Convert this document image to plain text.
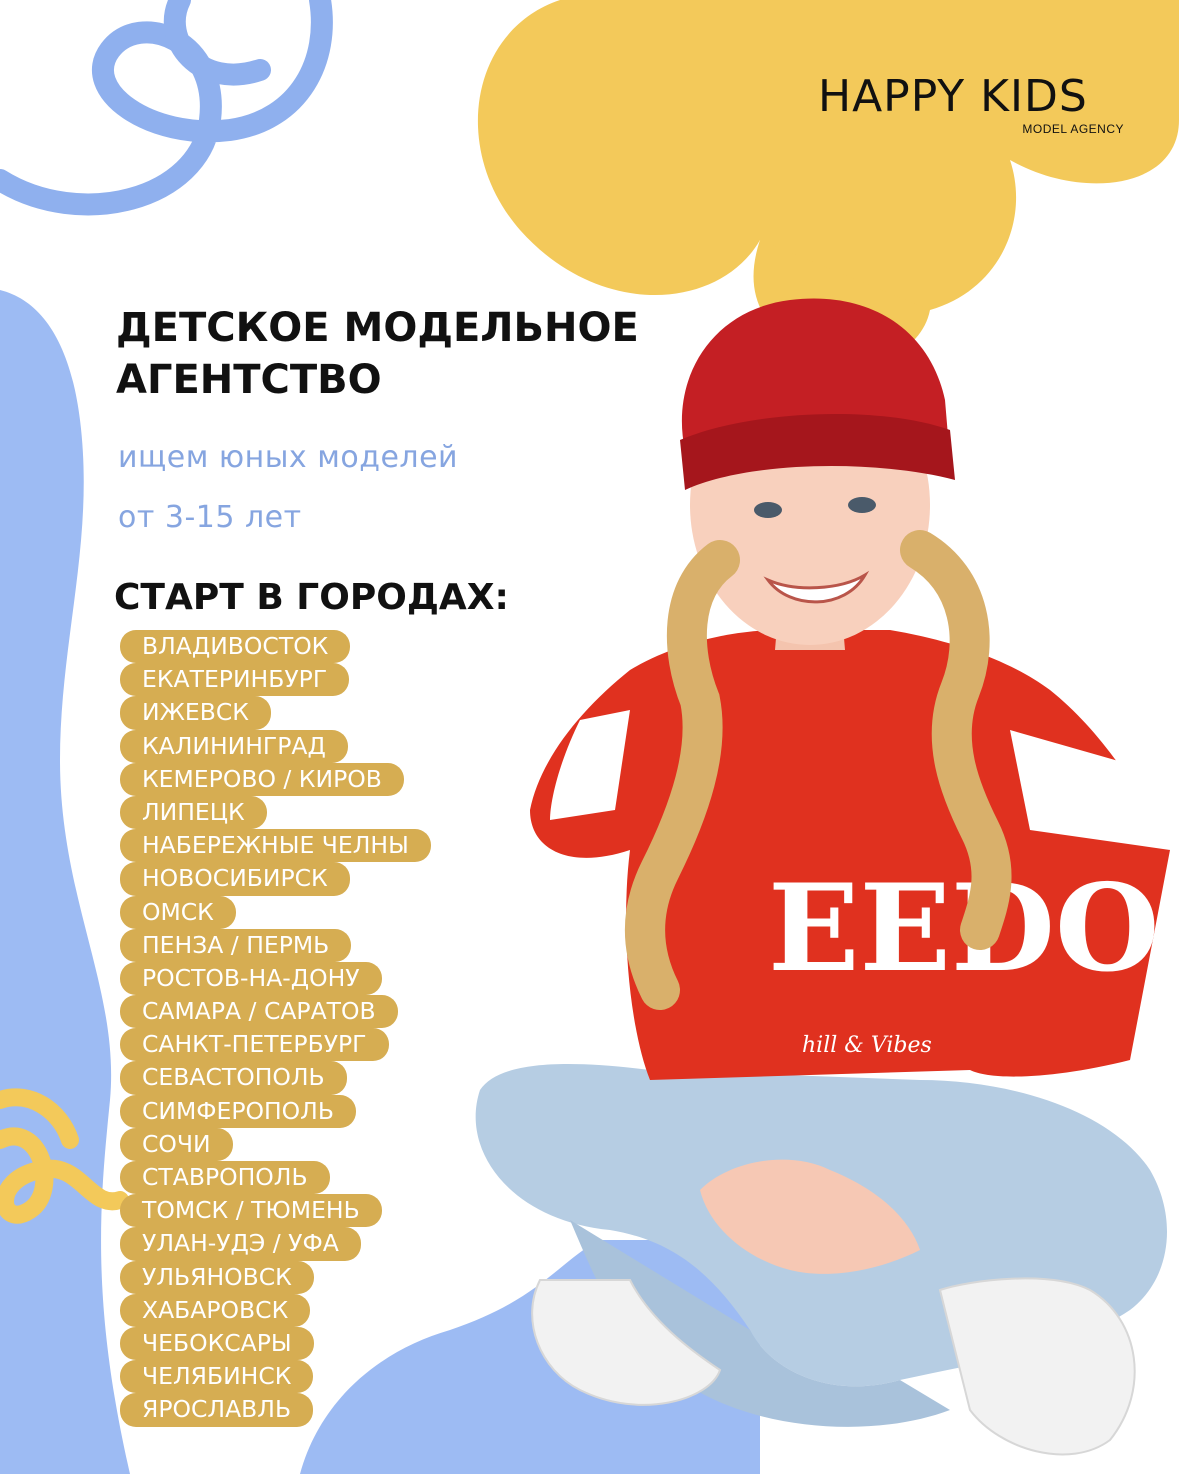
HAPPY KIDS
MODEL AGENCY
EEDO
hill & Vibes
ДЕТСКОЕ МОДЕЛЬНОЕ
АГЕНТСТВО
ищем юных моделей
от 3-15 лет
СТАРТ В ГОРОДАХ:
ВЛАДИВОСТОК
ЕКАТЕРИНБУРГ
ИЖЕВСК
КАЛИНИНГРАД
КЕМЕРОВО / КИРОВ
ЛИПЕЦК
НАБЕРЕЖНЫЕ ЧЕЛНЫ
НОВОСИБИРСК
ОМСК
ПЕНЗА / ПЕРМЬ
РОСТОВ-НА-ДОНУ
САМАРА / САРАТОВ
САНКТ-ПЕТЕРБУРГ
СЕВАСТОПОЛЬ
СИМФЕРОПОЛЬ
СОЧИ
СТАВРОПОЛЬ
ТОМСК / ТЮМЕНЬ
УЛАН-УДЭ / УФА
УЛЬЯНОВСК
ХАБАРОВСК
ЧЕБОКСАРЫ
ЧЕЛЯБИНСК
ЯРОСЛАВЛЬ
